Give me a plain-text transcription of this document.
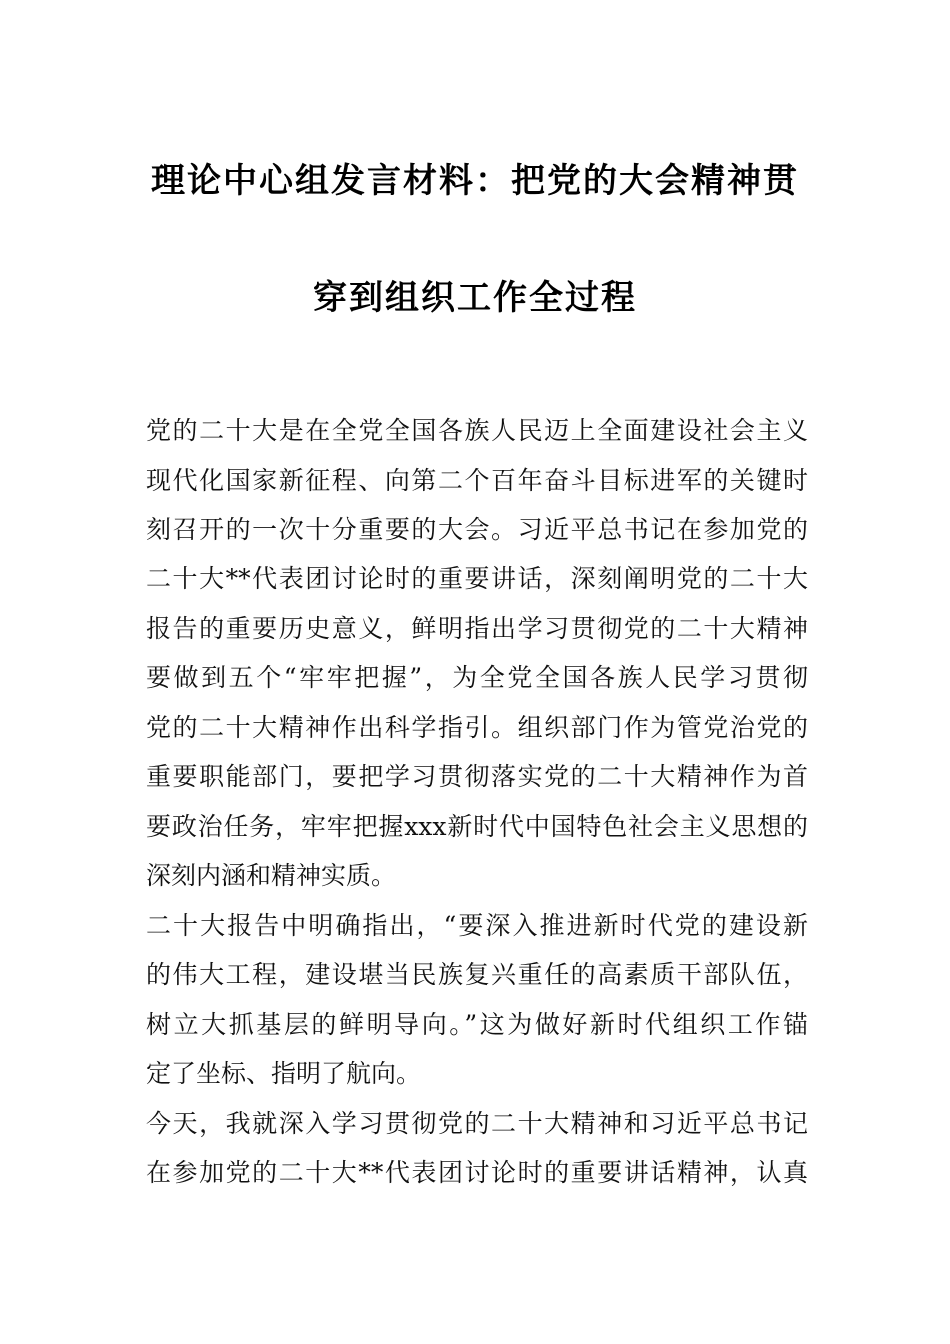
理论中心组发言材料：把党的大会精神贯
穿到组织工作全过程
党的二十大是在全党全国各族人民迈上全面建设社会主义
现代化国家新征程、向第二个百年奋斗目标进军的关键时
刻召开的一次十分重要的大会。习近平总书记在参加党的
二十大**代表团讨论时的重要讲话，深刻阐明党的二十大
报告的重要历史意义，鲜明指出学习贯彻党的二十大精神
要做到五个“牢牢把握”，为全党全国各族人民学习贯彻
党的二十大精神作出科学指引。组织部门作为管党治党的
重要职能部门，要把学习贯彻落实党的二十大精神作为首
要政治任务，牢牢把握xxx新时代中国特色社会主义思想的
深刻内涵和精神实质。
二十大报告中明确指出，“要深入推进新时代党的建设新
的伟大工程，建设堪当民族复兴重任的高素质干部队伍，
树立大抓基层的鲜明导向。”这为做好新时代组织工作锚
定了坐标、指明了航向。
今天，我就深入学习贯彻党的二十大精神和习近平总书记
在参加党的二十大**代表团讨论时的重要讲话精神，认真
